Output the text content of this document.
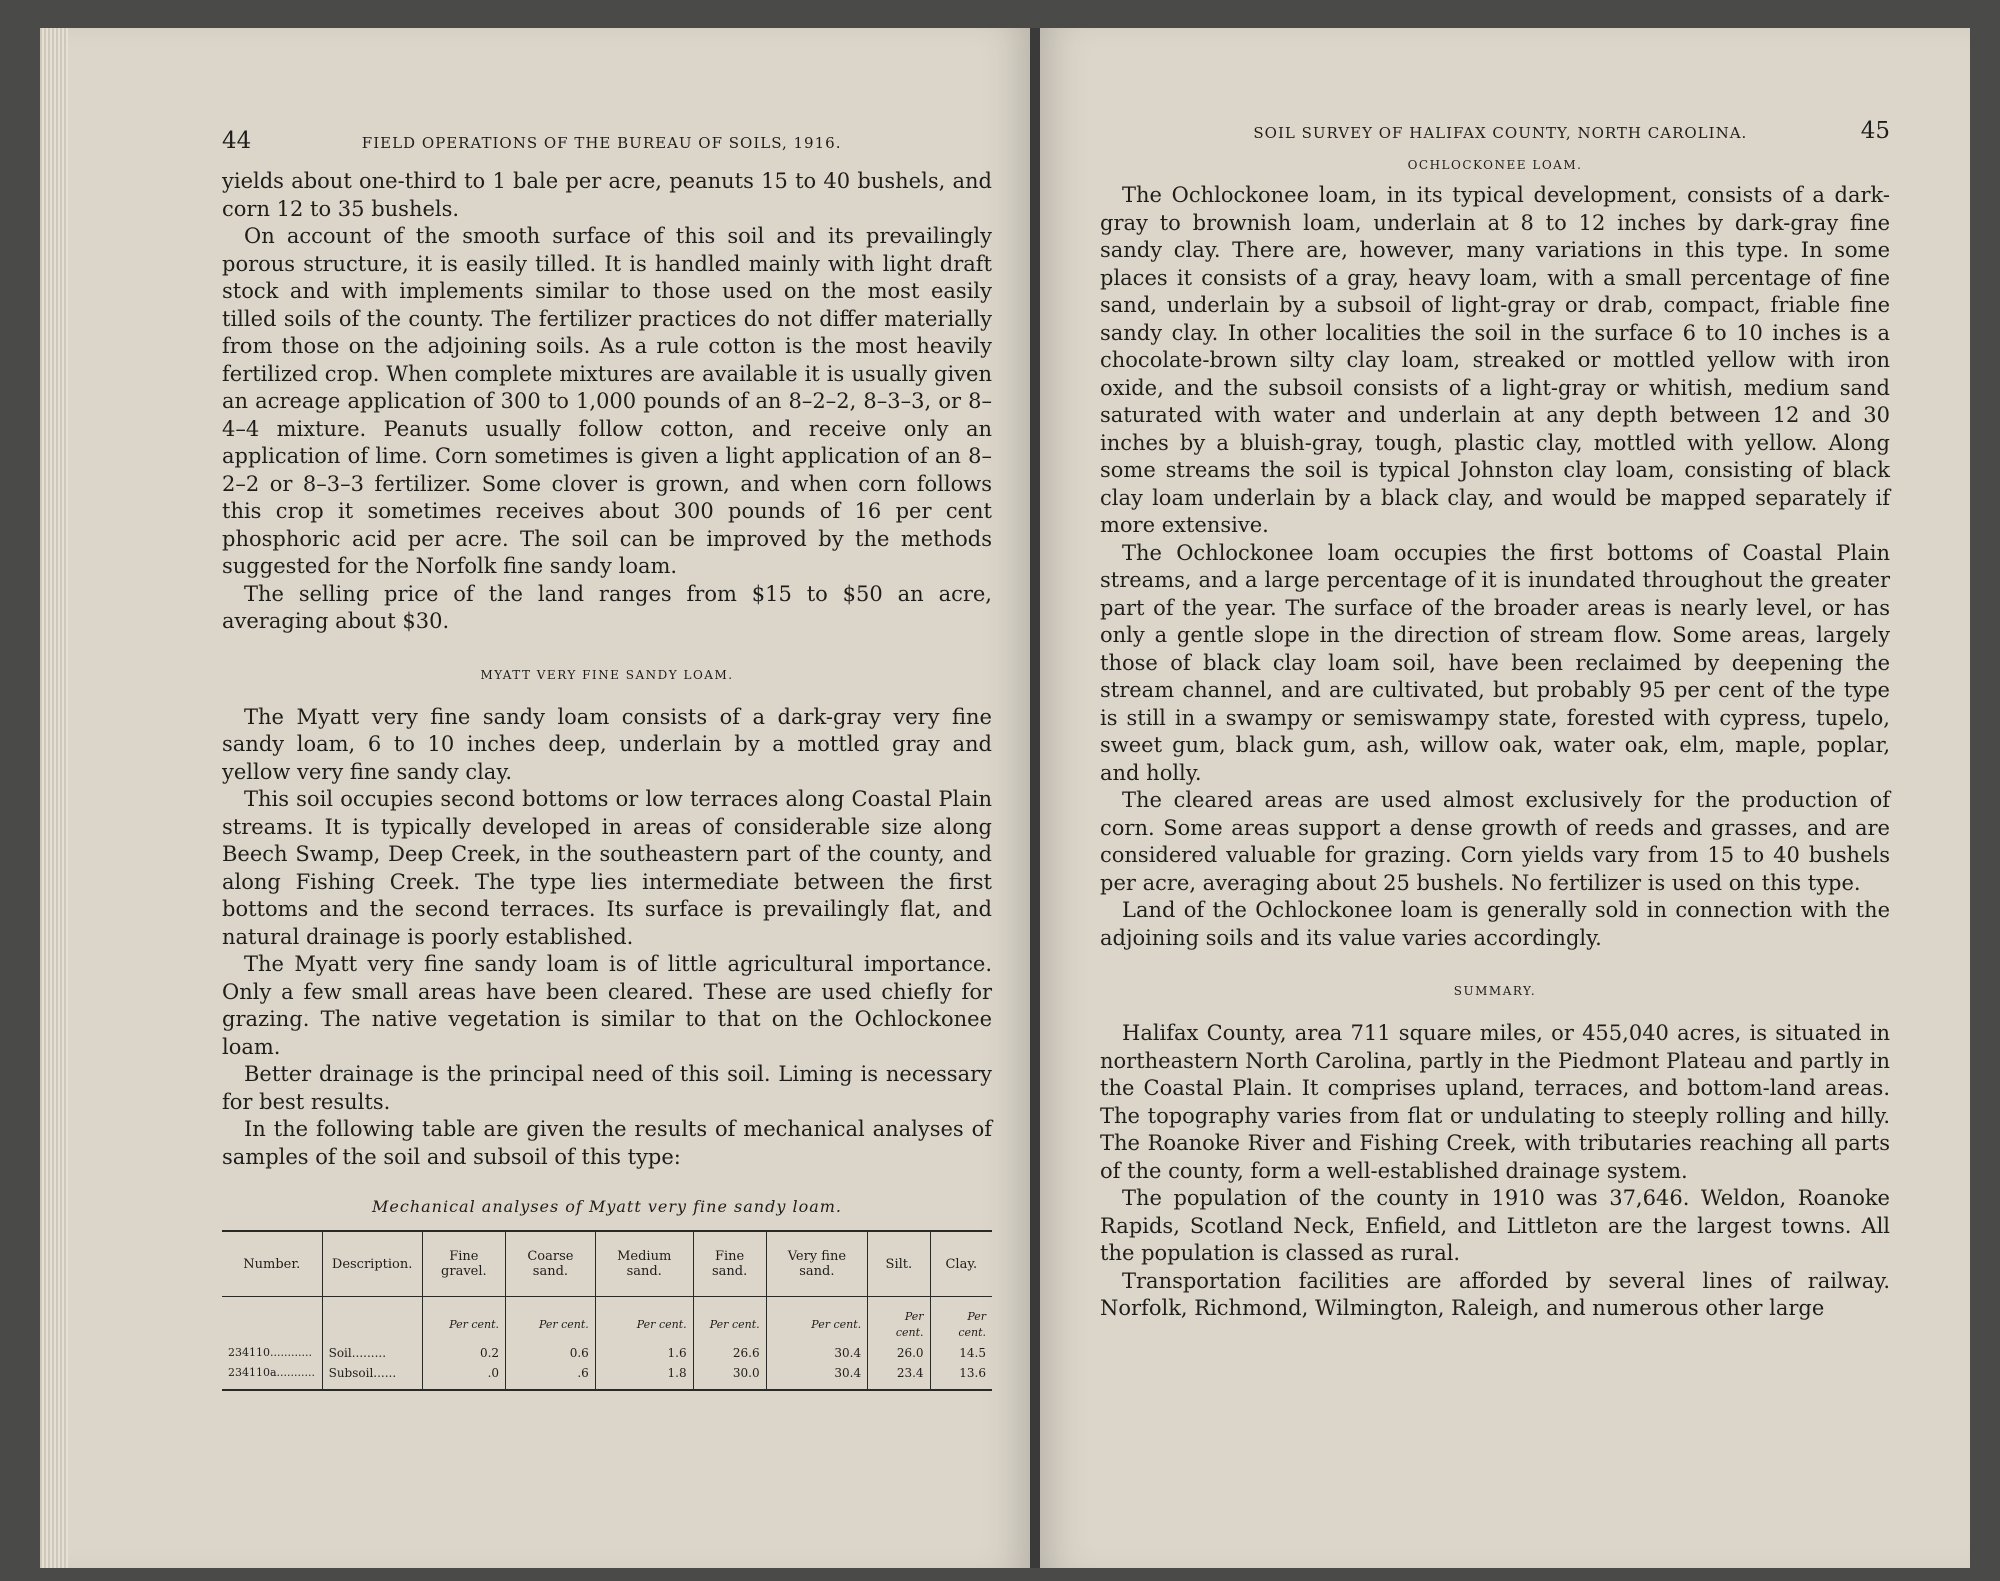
44	FIELD OPERATIONS OF THE BUREAU OF SOILS, 1916.

yields about one-third to 1 bale per acre, peanuts 15 to 40 bushels, and corn 12 to 35 bushels.

On account of the smooth surface of this soil and its prevailingly porous structure, it is easily tilled. It is handled mainly with light draft stock and with implements similar to those used on the most easily tilled soils of the county. The fertilizer practices do not differ materially from those on the adjoining soils. As a rule cotton is the most heavily fertilized crop. When complete mixtures are available it is usually given an acreage application of 300 to 1,000 pounds of an 8–2–2, 8–3–3, or 8–4–4 mixture. Peanuts usually follow cotton, and receive only an application of lime. Corn sometimes is given a light application of an 8–2–2 or 8–3–3 fertilizer. Some clover is grown, and when corn follows this crop it sometimes receives about 300 pounds of 16 per cent phosphoric acid per acre. The soil can be improved by the methods suggested for the Norfolk fine sandy loam.

The selling price of the land ranges from $15 to $50 an acre, averaging about $30.

MYATT VERY FINE SANDY LOAM.

The Myatt very fine sandy loam consists of a dark-gray very fine sandy loam, 6 to 10 inches deep, underlain by a mottled gray and yellow very fine sandy clay.

This soil occupies second bottoms or low terraces along Coastal Plain streams. It is typically developed in areas of considerable size along Beech Swamp, Deep Creek, in the southeastern part of the county, and along Fishing Creek. The type lies intermediate between the first bottoms and the second terraces. Its surface is prevailingly flat, and natural drainage is poorly established.

The Myatt very fine sandy loam is of little agricultural importance. Only a few small areas have been cleared. These are used chiefly for grazing. The native vegetation is similar to that on the Ochlockonee loam.

Better drainage is the principal need of this soil. Liming is necessary for best results.

In the following table are given the results of mechanical analyses of samples of the soil and subsoil of this type:

Mechanical analyses of Myatt very fine sandy loam.
Number.	Description.	Fine gravel.	Coarse sand.	Medium sand.	Fine sand.	Very fine sand.	Silt.	Clay.
		Per cent.	Per cent.	Per cent.	Per cent.	Per cent.	Per cent.	Per cent.
234110............	Soil.........	0.2	0.6	1.6	26.6	30.4	26.0	14.5
234110a...........	Subsoil......	.0	.6	1.8	30.0	30.4	23.4	13.6
SOIL SURVEY OF HALIFAX COUNTY, NORTH CAROLINA.	45
OCHLOCKONEE LOAM.

The Ochlockonee loam, in its typical development, consists of a dark-gray to brownish loam, underlain at 8 to 12 inches by dark-gray fine sandy clay. There are, however, many variations in this type. In some places it consists of a gray, heavy loam, with a small percentage of fine sand, underlain by a subsoil of light-gray or drab, compact, friable fine sandy clay. In other localities the soil in the surface 6 to 10 inches is a chocolate-brown silty clay loam, streaked or mottled yellow with iron oxide, and the subsoil consists of a light-gray or whitish, medium sand saturated with water and underlain at any depth between 12 and 30 inches by a bluish-gray, tough, plastic clay, mottled with yellow. Along some streams the soil is typical Johnston clay loam, consisting of black clay loam underlain by a black clay, and would be mapped separately if more extensive.

The Ochlockonee loam occupies the first bottoms of Coastal Plain streams, and a large percentage of it is inundated throughout the greater part of the year. The surface of the broader areas is nearly level, or has only a gentle slope in the direction of stream flow. Some areas, largely those of black clay loam soil, have been reclaimed by deepening the stream channel, and are cultivated, but probably 95 per cent of the type is still in a swampy or semiswampy state, forested with cypress, tupelo, sweet gum, black gum, ash, willow oak, water oak, elm, maple, poplar, and holly.

The cleared areas are used almost exclusively for the production of corn. Some areas support a dense growth of reeds and grasses, and are considered valuable for grazing. Corn yields vary from 15 to 40 bushels per acre, averaging about 25 bushels. No fertilizer is used on this type.

Land of the Ochlockonee loam is generally sold in connection with the adjoining soils and its value varies accordingly.

SUMMARY.

Halifax County, area 711 square miles, or 455,040 acres, is situated in northeastern North Carolina, partly in the Piedmont Plateau and partly in the Coastal Plain. It comprises upland, terraces, and bottom-land areas. The topography varies from flat or undulating to steeply rolling and hilly. The Roanoke River and Fishing Creek, with tributaries reaching all parts of the county, form a well-established drainage system.

The population of the county in 1910 was 37,646. Weldon, Roanoke Rapids, Scotland Neck, Enfield, and Littleton are the largest towns. All the population is classed as rural.

Transportation facilities are afforded by several lines of railway. Norfolk, Richmond, Wilmington, Raleigh, and numerous other large
